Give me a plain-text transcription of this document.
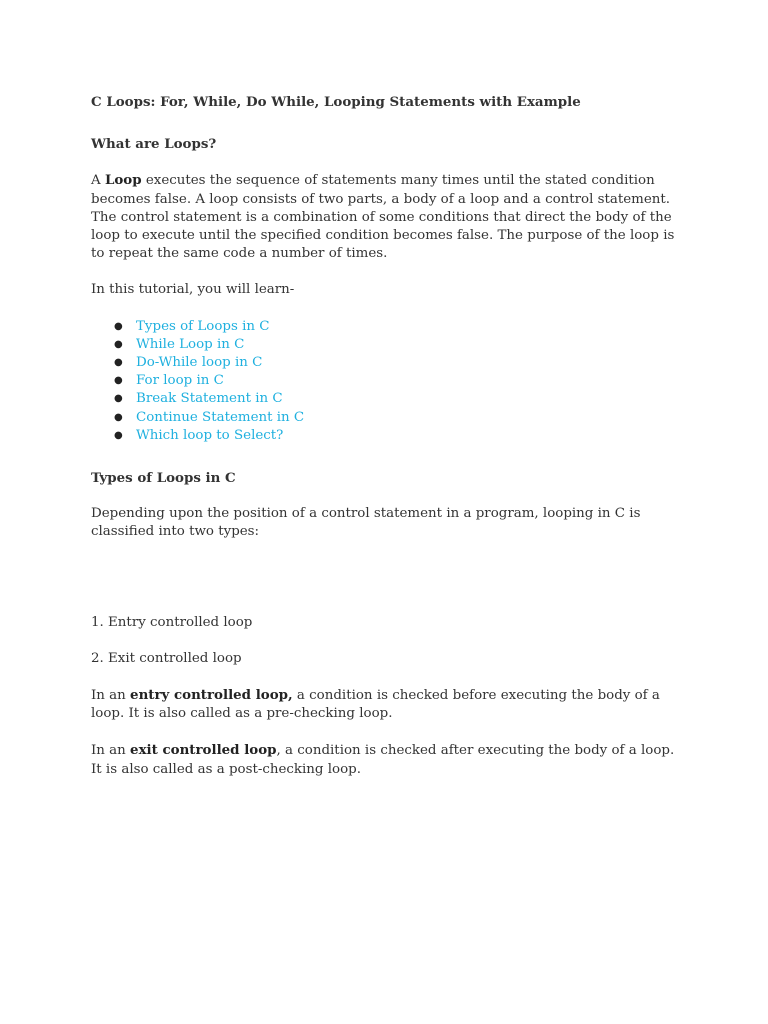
C Loops: For, While, Do While, Looping Statements with Example
What are Loops?

A Loop executes the sequence of statements many times until the stated condition becomes false. A loop consists of two parts, a body of a loop and a control statement. The control statement is a combination of some conditions that direct the body of the loop to execute until the specified condition becomes false. The purpose of the loop is to repeat the same code a number of times.

In this tutorial, you will learn-

● Types of Loops in C
● While Loop in C
● Do-While loop in C
● For loop in C
● Break Statement in C
● Continue Statement in C
● Which loop to Select?
Types of Loops in C

Depending upon the position of a control statement in a program, looping in C is classified into two types:

1. Entry controlled loop

2. Exit controlled loop

In an entry controlled loop, a condition is checked before executing the body of a loop. It is also called as a pre-checking loop.

In an exit controlled loop, a condition is checked after executing the body of a loop. It is also called as a post-checking loop.
